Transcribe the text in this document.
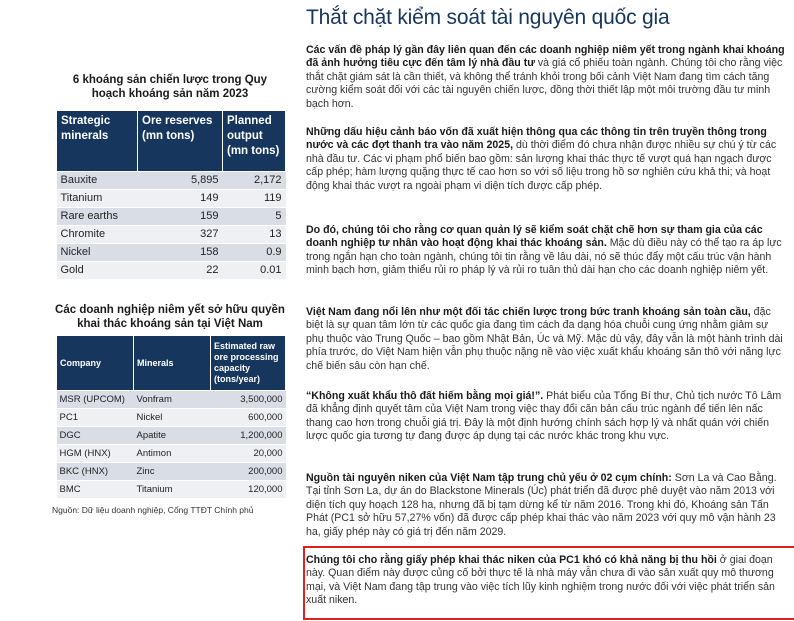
6 khoáng sản chiến lược trong Quy hoạch khoáng sản năm 2023
Strategic minerals	Ore reserves (mn tons)	Planned output (mn tons)
Bauxite	5,895	2,172
Titanium	149	119
Rare earths	159	5
Chromite	327	13
Nickel	158	0.9
Gold	22	0.01
Các doanh nghiệp niêm yết sở hữu quyền khai thác khoáng sản tại Việt Nam
Company	Minerals	Estimated raw ore processing capacity (tons/year)
MSR (UPCOM)	Vonfram	3,500,000
PC1	Nickel	600,000
DGC	Apatite	1,200,000
HGM (HNX)	Antimon	20,000
BKC (HNX)	Zinc	200,000
BMC	Titanium	120,000
Nguồn: Dữ liệu doanh nghiệp, Cổng TTĐT Chính phủ
Thắt chặt kiểm soát tài nguyên quốc gia

Các vấn đề pháp lý gần đây liên quan đến các doanh nghiệp niêm yết trong ngành khai khoáng đã ảnh hưởng tiêu cực đến tâm lý nhà đầu tư và giá cổ phiếu toàn ngành. Chúng tôi cho rằng việc thắt chặt giám sát là cần thiết, và không thể tránh khỏi trong bối cảnh Việt Nam đang tìm cách tăng cường kiểm soát đối với các tài nguyên chiến lược, đồng thời thiết lập một môi trường đầu tư minh bạch hơn.

Những dấu hiệu cảnh báo vốn đã xuất hiện thông qua các thông tin trên truyền thông trong nước và các đợt thanh tra vào năm 2025, dù thời điểm đó chưa nhận được nhiều sự chú ý từ các nhà đầu tư. Các vi phạm phổ biến bao gồm: sản lượng khai thác thực tế vượt quá hạn ngạch được cấp phép; hàm lượng quặng thực tế cao hơn so với số liệu trong hồ sơ nghiên cứu khả thi; và hoạt động khai thác vượt ra ngoài phạm vi diện tích được cấp phép.

Do đó, chúng tôi cho rằng cơ quan quản lý sẽ kiểm soát chặt chẽ hơn sự tham gia của các doanh nghiệp tư nhân vào hoạt động khai thác khoáng sản. Mặc dù điều này có thể tạo ra áp lực trong ngắn hạn cho toàn ngành, chúng tôi tin rằng về lâu dài, nó sẽ thúc đẩy một cấu trúc vận hành minh bạch hơn, giảm thiểu rủi ro pháp lý và rủi ro tuân thủ dài hạn cho các doanh nghiệp niêm yết.

Việt Nam đang nổi lên như một đối tác chiến lược trong bức tranh khoáng sản toàn cầu, đặc biệt là sự quan tâm lớn từ các quốc gia đang tìm cách đa dạng hóa chuỗi cung ứng nhằm giảm sự phụ thuộc vào Trung Quốc – bao gồm Nhật Bản, Úc và Mỹ. Mặc dù vậy, đây vẫn là một hành trình dài phía trước, do Việt Nam hiện vẫn phụ thuộc nặng nề vào việc xuất khẩu khoáng sản thô với năng lực chế biến sâu còn hạn chế.

“Không xuất khẩu thô đất hiếm bằng mọi giá!”. Phát biểu của Tổng Bí thư, Chủ tịch nước Tô Lâm đã khẳng định quyết tâm của Việt Nam trong việc thay đổi căn bản cấu trúc ngành để tiến lên nấc thang cao hơn trong chuỗi giá trị. Đây là một định hướng chính sách hợp lý và nhất quán với chiến lược quốc gia tương tự đang được áp dụng tại các nước khác trong khu vực.

Nguồn tài nguyên niken của Việt Nam tập trung chủ yếu ở 02 cụm chính: Sơn La và Cao Bằng. Tại tỉnh Sơn La, dự án do Blackstone Minerals (Úc) phát triển đã được phê duyệt vào năm 2013 với diện tích quy hoạch 128 ha, nhưng đã bị tạm dừng kể từ năm 2016. Trong khi đó, Khoáng sản Tấn Phát (PC1 sở hữu 57,27% vốn) đã được cấp phép khai thác vào năm 2023 với quy mô vận hành 23 ha, giấy phép này có giá trị đến năm 2029.

Chúng tôi cho rằng giấy phép khai thác niken của PC1 khó có khả năng bị thu hồi ở giai đoạn này. Quan điểm này được củng cố bởi thực tế là nhà máy vẫn chưa đi vào sản xuất quy mô thương mại, và Việt Nam đang tập trung vào việc tích lũy kinh nghiệm trong nước đối với việc phát triển sản xuất niken.
